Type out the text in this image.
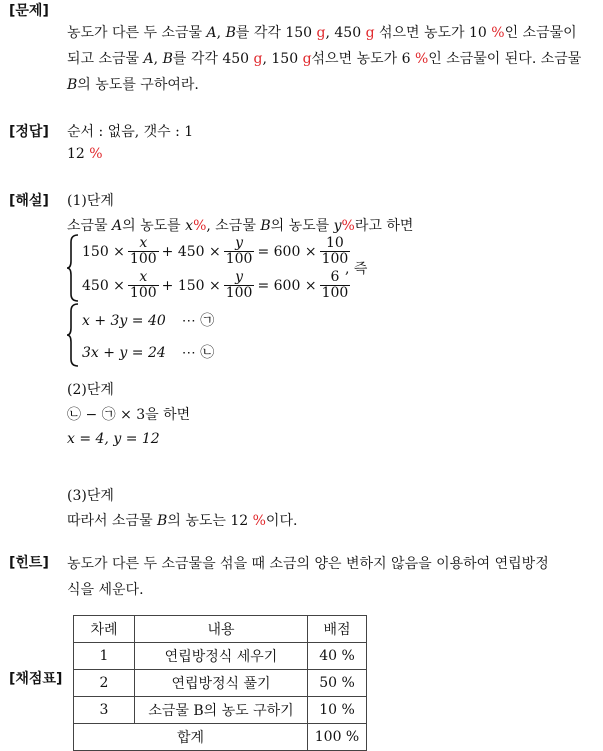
[문제]
[정답]
[해설]
[힌트]
[채점표]
농도가 다른 두 소금물 A, B를 각각 150 g, 450 g 섞으면 농도가 10 %인 소금물이
되고 소금물 A, B를 각각 450 g, 150 g섞으면 농도가 6 %인 소금물이 된다. 소금물
B의 농도를 구하여라.
순서 : 없음, 갯수 : 1
12 %
(1)단계
소금물 A의 농도를 x%, 소금물 B의 농도를 y%라고 하면
$150 \times \frac{x}{100} + 450 \times \frac{y}{100} = 600 \times \frac{10}{100}$
$450 \times \frac{x}{100} + 150 \times \frac{y}{100} = 600 \times \frac{6}{100}$
, 즉
x + 3y = 40 ⋯ ㉠
3x + y = 24 ⋯ ㉡
(2)단계
㉡ − ㉠ × 3을 하면
x = 4, y = 12
(3)단계
따라서 소금물 B의 농도는 12 %이다.
농도가 다른 두 소금물을 섞을 때 소금의 양은 변하지 않음을 이용하여 연립방정
식을 세운다.
차례	내용	배점
1	연립방정식 세우기	40 %
2	연립방정식 풀기	50 %
3	소금물 B의 농도 구하기	10 %
합계		100 %
